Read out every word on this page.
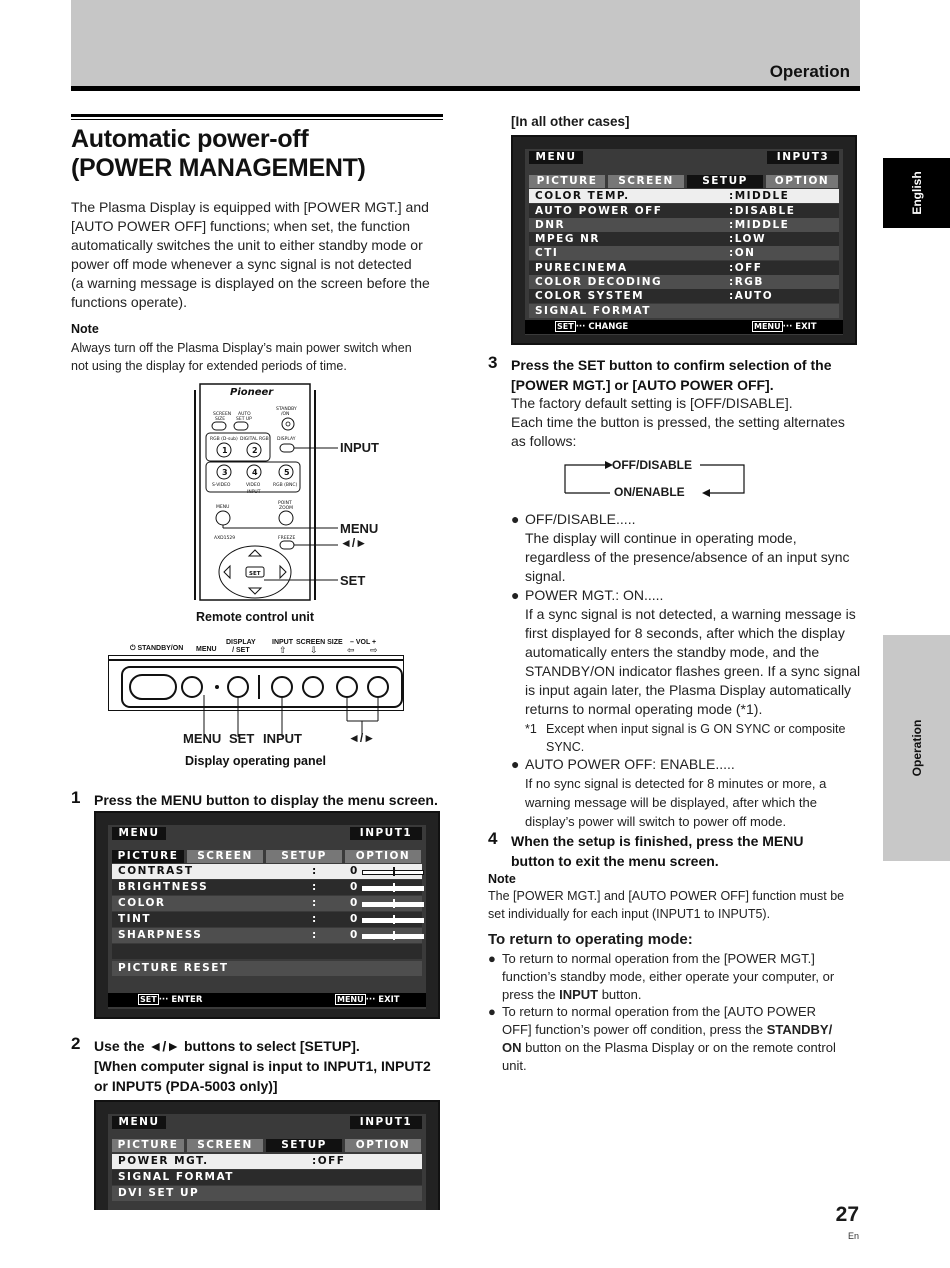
Operation
English
Operation
Automatic power-off
(POWER MANAGEMENT)
The Plasma Display is equipped with [POWER MGT.] and
[AUTO POWER OFF] functions; when set, the function
automatically switches the unit to either standby mode or
power off mode whenever a sync signal is not detected
(a warning message is displayed on the screen before the
functions operate).
Note
Always turn off the Plasma Display’s main power switch when
not using the display for extended periods of time.
Pioneer
SCREEN
SIZE
AUTO
SET UP
STANDBY
/ON
RGB (D-sub) DIGITAL RGB DISPLAY
1	2
3	4	5
S-VIDEO	VIDEO	RGB (BNC)
INPUT
MENU
POINT
ZOOM
AXD1529	FREEZE
SET
INPUT
MENU
◄/►
SET
Remote control unit
⏻ STANDBY/ON MENU
DISPLAY
/ SET
INPUT SCREEN SIZE – VOL +
⇧	⇩	⇦ ⇨
MENU SET INPUT	◄/►
Display operating panel
1 Press the MENU button to display the menu screen.
MENU	INPUT1
PICTURE	SCREEN	SETUP	OPTION
CONTRAST	:	0
BRIGHTNESS	:	0
COLOR	:	0
TINT	:	0
SHARPNESS	:	0
PICTURE RESET
SET ··· ENTER	MENU ··· EXIT
2 Use the ◄/► buttons to select [SETUP].
[When computer signal is input to INPUT1, INPUT2
or INPUT5 (PDA-5003 only)]
MENU	INPUT1
PICTURE	SCREEN	SETUP	OPTION
POWER MGT.	:OFF
SIGNAL FORMAT
DVI SET UP
[In all other cases]
MENU	INPUT3
PICTURE	SCREEN	SETUP	OPTION
COLOR TEMP.	:MIDDLE
AUTO POWER OFF	:DISABLE
DNR	:MIDDLE
MPEG NR	:LOW
CTI	:ON
PURECINEMA	:OFF
COLOR DECODING	:RGB
COLOR SYSTEM	:AUTO
SIGNAL FORMAT
SET ··· CHANGE	MENU ··· EXIT
3 Press the SET button to confirm selection of the
[POWER MGT.] or [AUTO POWER OFF].
The factory default setting is [OFF/DISABLE].
Each time the button is pressed, the setting alternates
as follows:
OFF/DISABLE
ON/ENABLE
● OFF/DISABLE.....
The display will continue in operating mode,
regardless of the presence/absence of an input sync
signal.
● POWER MGT.: ON.....
If a sync signal is not detected, a warning message is
first displayed for 8 seconds, after which the display
automatically enters the standby mode, and the
STANDBY/ON indicator flashes green. If a sync signal
is input again later, the Plasma Display automatically
returns to normal operating mode (*1).
*1 Except when input signal is G ON SYNC or composite
SYNC.
● AUTO POWER OFF: ENABLE.....
If no sync signal is detected for 8 minutes or more, a
warning message will be displayed, after which the
display’s power will switch to power off mode.
4 When the setup is finished, press the MENU
button to exit the menu screen.
Note
The [POWER MGT.] and [AUTO POWER OFF] function must be
set individually for each input (INPUT1 to INPUT5).
To return to operating mode:
● To return to normal operation from the [POWER MGT.]
function’s standby mode, either operate your computer, or
press the INPUT button.
● To return to normal operation from the [AUTO POWER
OFF] function’s power off condition, press the STANDBY/
ON button on the Plasma Display or on the remote control
unit.
27
En
